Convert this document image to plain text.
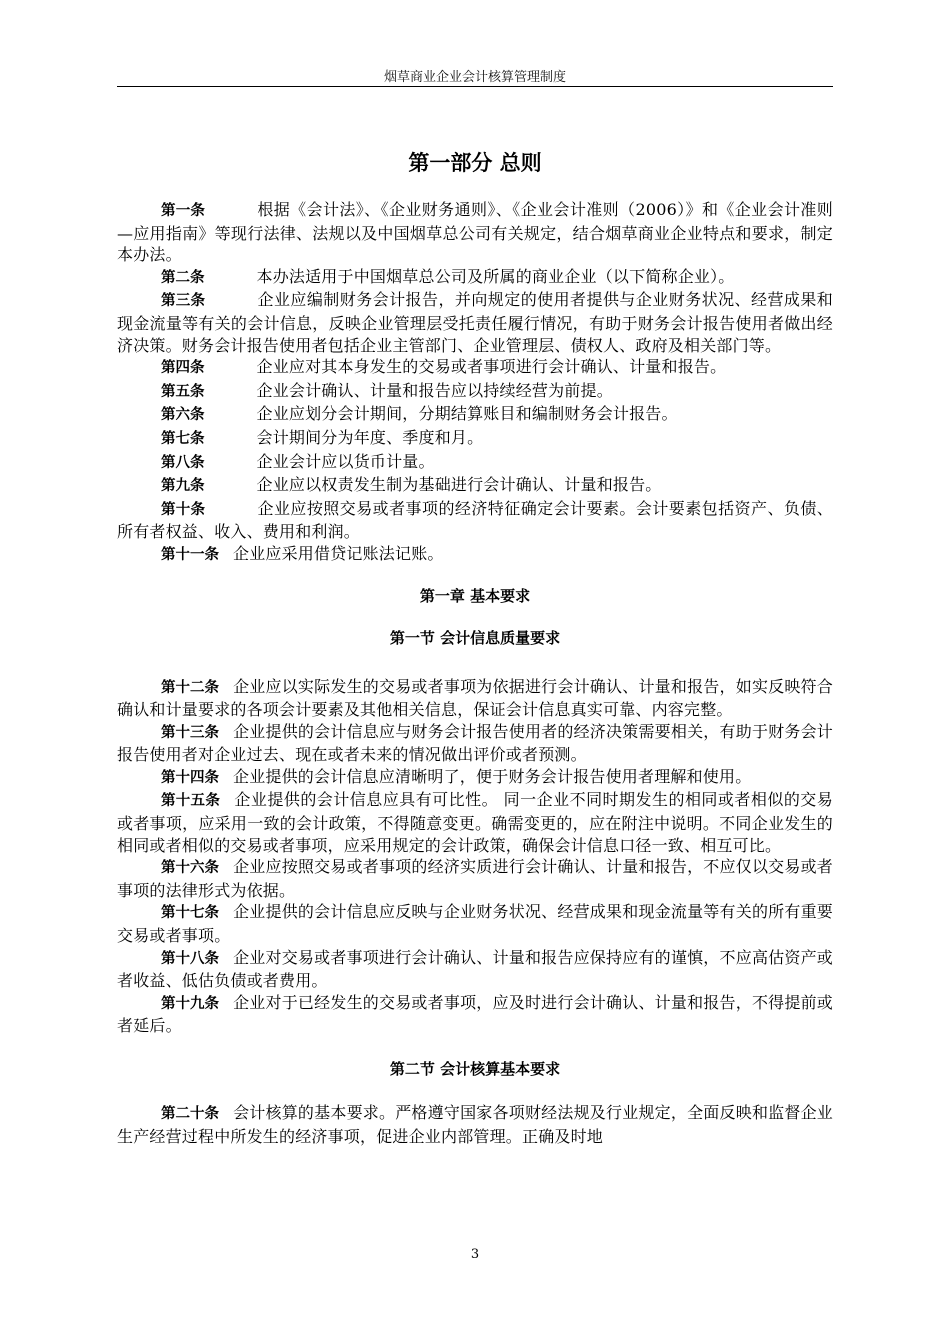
烟草商业企业会计核算管理制度
第一部分 总则

第一条	根据《会计法》、《企业财务通则》、《企业会计准则（2006）》和《企业会计准则—应用指南》等现行法律、法规以及中国烟草总公司有关规定，结合烟草商业企业特点和要求，制定本办法。

第二条	本办法适用于中国烟草总公司及所属的商业企业（以下简称企业）。

第三条	企业应编制财务会计报告，并向规定的使用者提供与企业财务状况、经营成果和现金流量等有关的会计信息，反映企业管理层受托责任履行情况，有助于财务会计报告使用者做出经济决策。财务会计报告使用者包括企业主管部门、企业管理层、债权人、政府及相关部门等。

第四条	企业应对其本身发生的交易或者事项进行会计确认、计量和报告。

第五条	企业会计确认、计量和报告应以持续经营为前提。

第六条	企业应划分会计期间，分期结算账目和编制财务会计报告。

第七条	会计期间分为年度、季度和月。

第八条	企业会计应以货币计量。

第九条	企业应以权责发生制为基础进行会计确认、计量和报告。

第十条	企业应按照交易或者事项的经济特征确定会计要素。会计要素包括资产、负债、所有者权益、收入、费用和利润。

第十一条 企业应采用借贷记账法记账。

第一章 基本要求
第一节 会计信息质量要求

第十二条 企业应以实际发生的交易或者事项为依据进行会计确认、计量和报告，如实反映符合确认和计量要求的各项会计要素及其他相关信息，保证会计信息真实可靠、内容完整。

第十三条 企业提供的会计信息应与财务会计报告使用者的经济决策需要相关，有助于财务会计报告使用者对企业过去、现在或者未来的情况做出评价或者预测。

第十四条 企业提供的会计信息应清晰明了，便于财务会计报告使用者理解和使用。

第十五条 企业提供的会计信息应具有可比性。 同一企业不同时期发生的相同或者相似的交易或者事项，应采用一致的会计政策，不得随意变更。确需变更的，应在附注中说明。不同企业发生的相同或者相似的交易或者事项，应采用规定的会计政策，确保会计信息口径一致、相互可比。

第十六条 企业应按照交易或者事项的经济实质进行会计确认、计量和报告，不应仅以交易或者事项的法律形式为依据。

第十七条 企业提供的会计信息应反映与企业财务状况、经营成果和现金流量等有关的所有重要交易或者事项。

第十八条 企业对交易或者事项进行会计确认、计量和报告应保持应有的谨慎，不应高估资产或者收益、低估负债或者费用。

第十九条 企业对于已经发生的交易或者事项，应及时进行会计确认、计量和报告，不得提前或者延后。

第二节 会计核算基本要求

第二十条 会计核算的基本要求。严格遵守国家各项财经法规及行业规定，全面反映和监督企业生产经营过程中所发生的经济事项，促进企业内部管理。正确及时地

3
